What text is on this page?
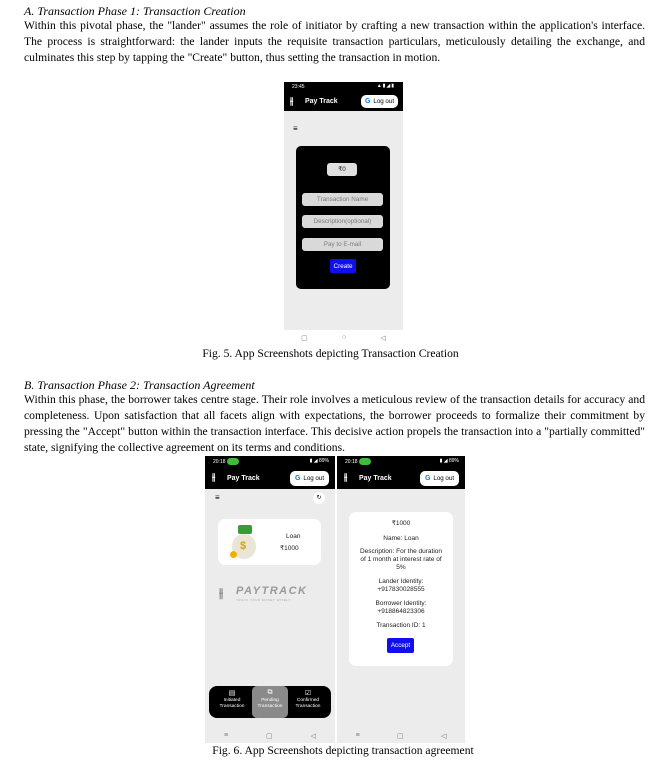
A. Transaction Phase 1: Transaction Creation
Within this pivotal phase, the "lander" assumes the role of initiator by crafting a new transaction within the application's interface. The process is straightforward: the lander inputs the requisite transaction particulars, meticulously detailing the exchange, and culminates this step by tapping the "Create" button, thus setting the transaction in motion.
23:45	▲▮◢▮
⫲ Pay Track	G Log out
≡
₹0
Transaction Name
Description(optional)
Pay to E-mail
Create
▢	○	◁
Fig. 5. App Screenshots depicting Transaction Creation
B. Transaction Phase 2: Transaction Agreement
Within this phase, the borrower takes centre stage. Their role involves a meticulous review of the transaction details for accuracy and completeness. Upon satisfaction that all facets align with expectations, the borrower proceeds to formalize their commitment by pressing the "Accept" button within the transaction interface. This decisive action propels the transaction into a "partially committed" state, signifying the collective agreement on its terms and conditions.
20:18	▮ ◢ 89%
⫲ Pay Track	G Log out
≡	↻
$
Loan
₹1000
⫲ PAYTRACK
TRACK YOUR MONEY WISELY
▤
Initiated Transaction
⧉
Pending Transaction
☑
Confirmed Transaction
≡	▢	◁
20:18	▮ ◢ 89%
⫲ Pay Track	G Log out
₹1000
Name: Loan
Description: For the duration of 1 month at interest rate of 5%
Lander Identity:
+917830028555
Borrower Identity:
+918864823306
Transaction ID: 1
Accept
≡	▢	◁
Fig. 6. App Screenshots depicting transaction agreement
